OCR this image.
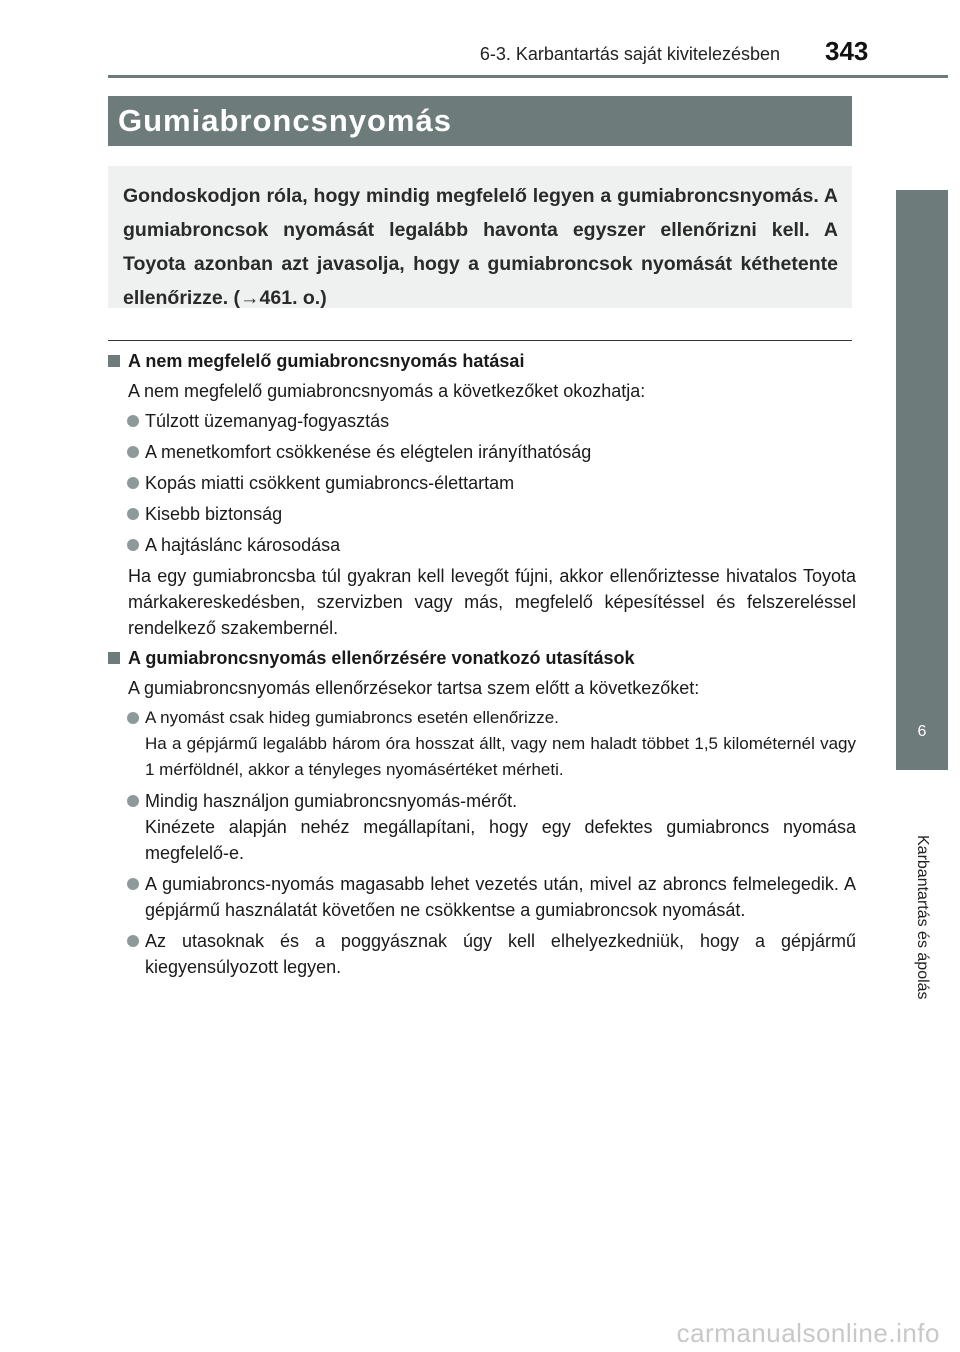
6-3. Karbantartás saját kivitelezésben 343
Gumiabroncsnyomás
Gondoskodjon róla, hogy mindig megfelelő legyen a gumiabroncsnyomás. A gumiabroncsok nyomását legalább havonta egyszer ellenőrizni kell. A Toyota azonban azt javasolja, hogy a gumiabroncsok nyomását kéthetente ellenőrizze. (→461. o.)
6
Karbantartás és ápolás
A nem megfelelő gumiabroncsnyomás hatásai
A nem megfelelő gumiabroncsnyomás a következőket okozhatja:
Túlzott üzemanyag-fogyasztás
A menetkomfort csökkenése és elégtelen irányíthatóság
Kopás miatti csökkent gumiabroncs-élettartam
Kisebb biztonság
A hajtáslánc károsodása
Ha egy gumiabroncsba túl gyakran kell levegőt fújni, akkor ellenőriztesse hivatalos Toyota márkakereskedésben, szervizben vagy más, megfelelő képesítéssel és felszereléssel rendelkező szakembernél.
A gumiabroncsnyomás ellenőrzésére vonatkozó utasítások
A gumiabroncsnyomás ellenőrzésekor tartsa szem előtt a következőket:
A nyomást csak hideg gumiabroncs esetén ellenőrizze.
Ha a gépjármű legalább három óra hosszat állt, vagy nem haladt többet 1,5 kilométernél vagy 1 mérföldnél, akkor a tényleges nyomásértéket mérheti.
Mindig használjon gumiabroncsnyomás-mérőt.
Kinézete alapján nehéz megállapítani, hogy egy defektes gumiabroncs nyomása megfelelő-e.
A gumiabroncs-nyomás magasabb lehet vezetés után, mivel az abroncs felmelegedik. A gépjármű használatát követően ne csökkentse a gumiabroncsok nyomását.
Az utasoknak és a poggyásznak úgy kell elhelyezkedniük, hogy a gépjármű kiegyensúlyozott legyen.
carmanualsonline.info
